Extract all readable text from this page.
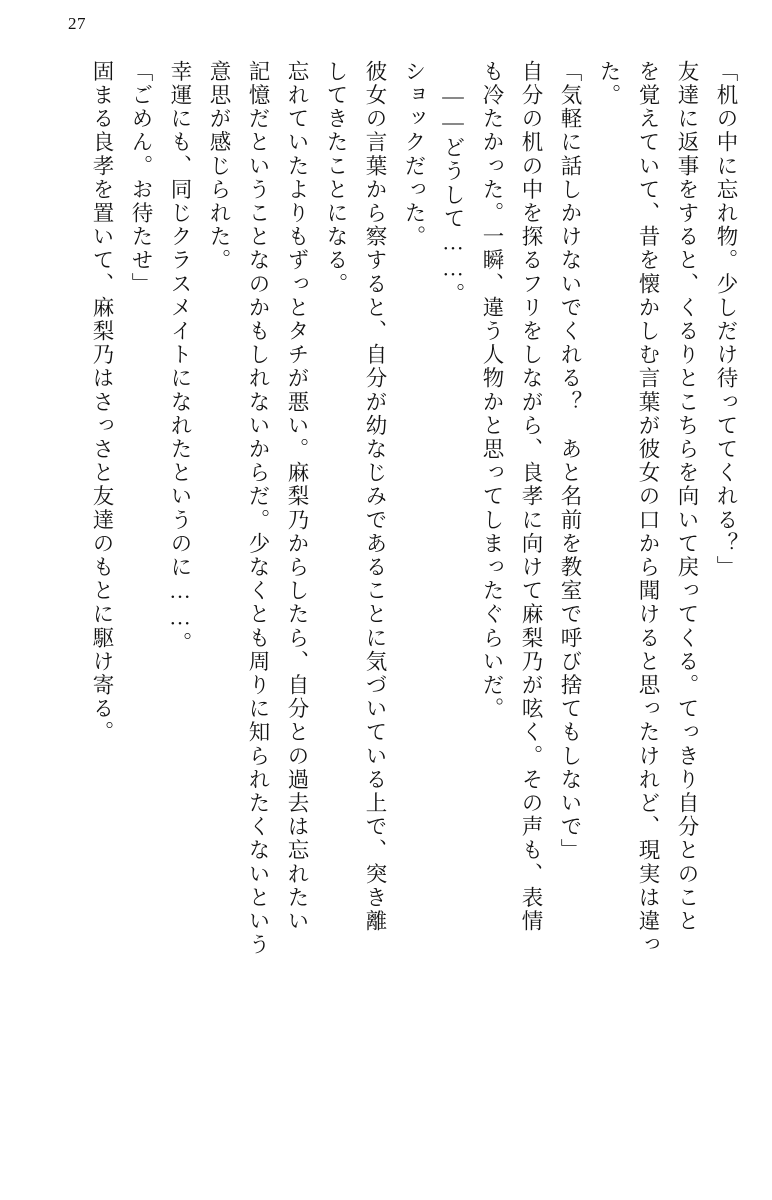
27
「机の中に忘れ物。少しだけ待っててくれる？」
友達に返事をすると、くるりとこちらを向いて戻ってくる。てっきり自分とのこと
を覚えていて、昔を懐かしむ言葉が彼女の口から聞けると思ったけれど、現実は違っ
た。
「気軽に話しかけないでくれる？　あと名前を教室で呼び捨てもしないで」
自分の机の中を探るフリをしながら、良孝に向けて麻梨乃が呟く。その声も、表情
も冷たかった。一瞬、違う人物かと思ってしまったぐらいだ。
――どうして……。
ショックだった。
彼女の言葉から察すると、自分が幼なじみであることに気づいている上で、突き離
してきたことになる。
忘れていたよりもずっとタチが悪い。麻梨乃からしたら、自分との過去は忘れたい
記憶だということなのかもしれないからだ。少なくとも周りに知られたくないという
意思が感じられた。
幸運にも、同じクラスメイトになれたというのに……。
「ごめん。お待たせ」
固まる良孝を置いて、麻梨乃はさっさと友達のもとに駆け寄る。
